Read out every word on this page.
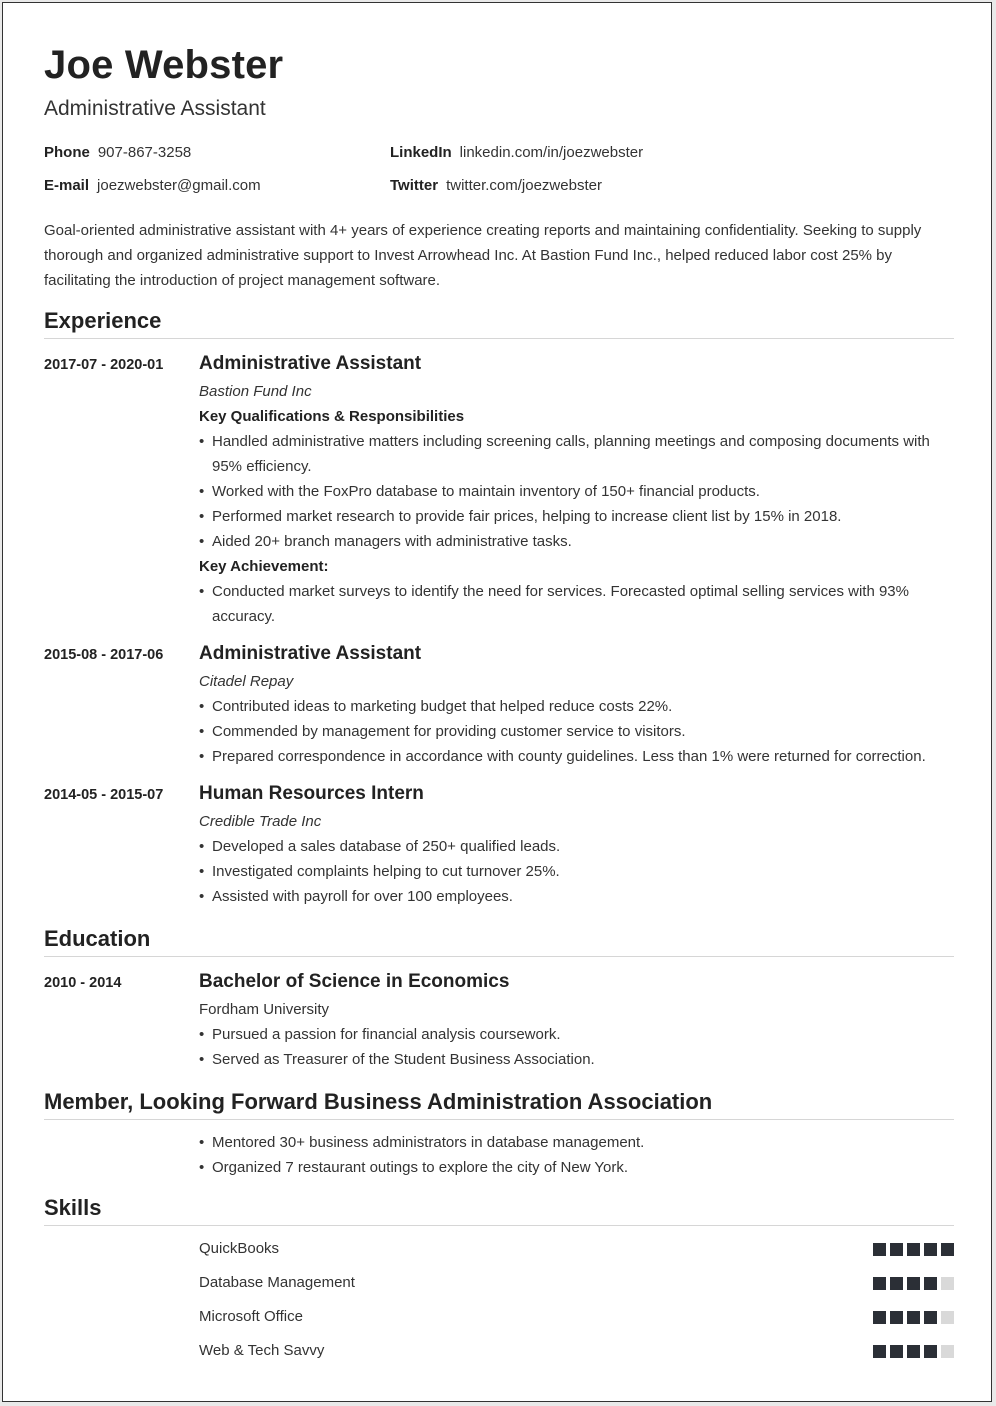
Joe Webster
Administrative Assistant
Phone 907-867-3258	LinkedIn linkedin.com/in/joezwebster
E-mail joezwebster@gmail.com	Twitter twitter.com/joezwebster

Goal-oriented administrative assistant with 4+ years of experience creating reports and maintaining confidentiality. Seeking to supply thorough and organized administrative support to Invest Arrowhead Inc. At Bastion Fund Inc., helped reduced labor cost 25% by facilitating the introduction of project management software.

Experience
2017-07 - 2020-01 Administrative Assistant
Bastion Fund Inc
Key Qualifications & Responsibilities
• Handled administrative matters including screening calls, planning meetings and composing documents with 95% efficiency.
• Worked with the FoxPro database to maintain inventory of 150+ financial products.
• Performed market research to provide fair prices, helping to increase client list by 15% in 2018.
• Aided 20+ branch managers with administrative tasks.
Key Achievement:
• Conducted market surveys to identify the need for services. Forecasted optimal selling services with 93% accuracy.
2015-08 - 2017-06 Administrative Assistant
Citadel Repay
• Contributed ideas to marketing budget that helped reduce costs 22%.
• Commended by management for providing customer service to visitors.
• Prepared correspondence in accordance with county guidelines. Less than 1% were returned for correction.
2014-05 - 2015-07 Human Resources Intern
Credible Trade Inc
• Developed a sales database of 250+ qualified leads.
• Investigated complaints helping to cut turnover 25%.
• Assisted with payroll for over 100 employees.
Education
2010 - 2014	Bachelor of Science in Economics
Fordham University
• Pursued a passion for financial analysis coursework.
• Served as Treasurer of the Student Business Association.
Member, Looking Forward Business Administration Association
• Mentored 30+ business administrators in database management.
• Organized 7 restaurant outings to explore the city of New York.
Skills
QuickBooks
Database Management
Microsoft Office
Web & Tech Savvy
